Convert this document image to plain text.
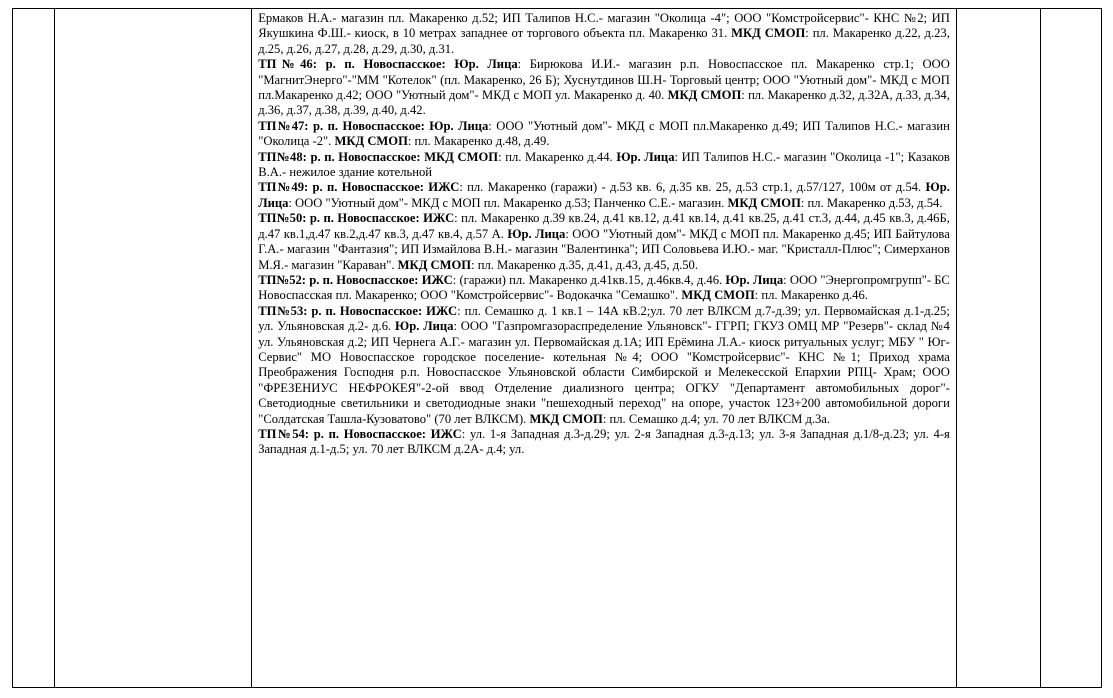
Ермаков Н.А.- магазин пл. Макаренко д.52; ИП Талипов Н.С.- магазин "Околица -4"; ООО "Комстройсервис"- КНС №2; ИП Якушкина Ф.Ш.- киоск, в 10 метрах западнее от торгового объекта пл. Макаренко 31. МКД СМОП: пл. Макаренко д.22, д.23, д.25, д.26, д.27, д.28, д.29, д.30, д.31.

ТП№46: р. п. Новоспасское: Юр. Лица: Бирюкова И.И.- магазин р.п. Новоспасское пл. Макаренко стр.1; ООО "МагнитЭнерго"-"ММ "Котелок" (пл. Макаренко, 26 Б); Хуснутдинов Ш.Н- Торговый центр; ООО "Уютный дом"- МКД с МОП пл.Макаренко д.42; ООО "Уютный дом"- МКД с МОП ул. Макаренко д. 40. МКД СМОП: пл. Макаренко д.32, д.32А, д.33, д.34, д.36, д.37, д.38, д.39, д.40, д.42.

ТП№47: р. п. Новоспасское: Юр. Лица: ООО "Уютный дом"- МКД с МОП пл.Макаренко д.49; ИП Талипов Н.С.- магазин "Околица -2". МКД СМОП: пл. Макаренко д.48, д.49.

ТП№48: р. п. Новоспасское: МКД СМОП: пл. Макаренко д.44. Юр. Лица: ИП Талипов Н.С.- магазин "Околица -1"; Казаков В.А.- нежилое здание котельной

ТП№49: р. п. Новоспасское: ИЖС: пл. Макаренко (гаражи) - д.53 кв. 6, д.35 кв. 25, д.53 стр.1, д.57/127, 100м от д.54. Юр. Лица: ООО "Уютный дом"- МКД с МОП пл. Макаренко д.53; Панченко С.Е.- магазин. МКД СМОП: пл. Макаренко д.53, д.54.

ТП№50: р. п. Новоспасское: ИЖС: пл. Макаренко д.39 кв.24, д.41 кв.12, д.41 кв.14, д.41 кв.25, д.41 ст.3, д.44, д.45 кв.3, д.46Б, д.47 кв.1,д.47 кв.2,д.47 кв.3, д.47 кв.4, д.57 А. Юр. Лица: ООО "Уютный дом"- МКД с МОП пл. Макаренко д.45; ИП Байтулова Г.А.- магазин "Фантазия"; ИП Измайлова В.Н.- магазин "Валентинка"; ИП Соловьева И.Ю.- маг. "Кристалл-Плюс"; Симерханов М.Я.- магазин "Караван". МКД СМОП: пл. Макаренко д.35, д.41, д.43, д.45, д.50.

ТП№52: р. п. Новоспасское: ИЖС: (гаражи) пл. Макаренко д.41кв.15, д.46кв.4, д.46. Юр. Лица: ООО "Энергопромгрупп"- БС Новоспасская пл. Макаренко; ООО "Комстройсервис"- Водокачка "Семашко". МКД СМОП: пл. Макаренко д.46.

ТП№53: р. п. Новоспасское: ИЖС: пл. Семашко д. 1 кв.1 – 14А кВ.2;ул. 70 лет ВЛКСМ д.7-д.39; ул. Первомайская д.1-д.25; ул. Ульяновская д.2- д.6. Юр. Лица: ООО "Газпромгазораспределение Ульяновск"- ГГРП; ГКУЗ ОМЦ МР "Резерв"- склад №4 ул. Ульяновская д.2; ИП Чернега А.Г.- магазин ул. Первомайская д.1А; ИП Ерёмина Л.А.- киоск ритуальных услуг; МБУ " Юг-Сервис" МО Новоспасское городское поселение- котельная №4; ООО "Комстройсервис"- КНС №1; Приход храма Преображения Господня р.п. Новоспасское Ульяновской области Симбирской и Мелекесской Епархии РПЦ- Храм; ООО "ФРЕЗЕНИУС НЕФРОКЕЯ"-2-ой ввод Отделение диализного центра; ОГКУ "Департамент автомобильных дорог"- Светодиодные светильники и светодиодные знаки "пешеходный переход" на опоре, участок 123+200 автомобильной дороги "Солдатская Ташла-Кузоватово" (70 лет ВЛКСМ). МКД СМОП: пл. Семашко д.4; ул. 70 лет ВЛКСМ д.3а.

ТП№54: р. п. Новоспасское: ИЖС: ул. 1-я Западная д.3-д.29; ул. 2-я Западная д.3-д.13; ул. 3-я Западная д.1/8-д.23; ул. 4-я Западная д.1-д.5; ул. 70 лет ВЛКСМ д.2А- д.4; ул.
